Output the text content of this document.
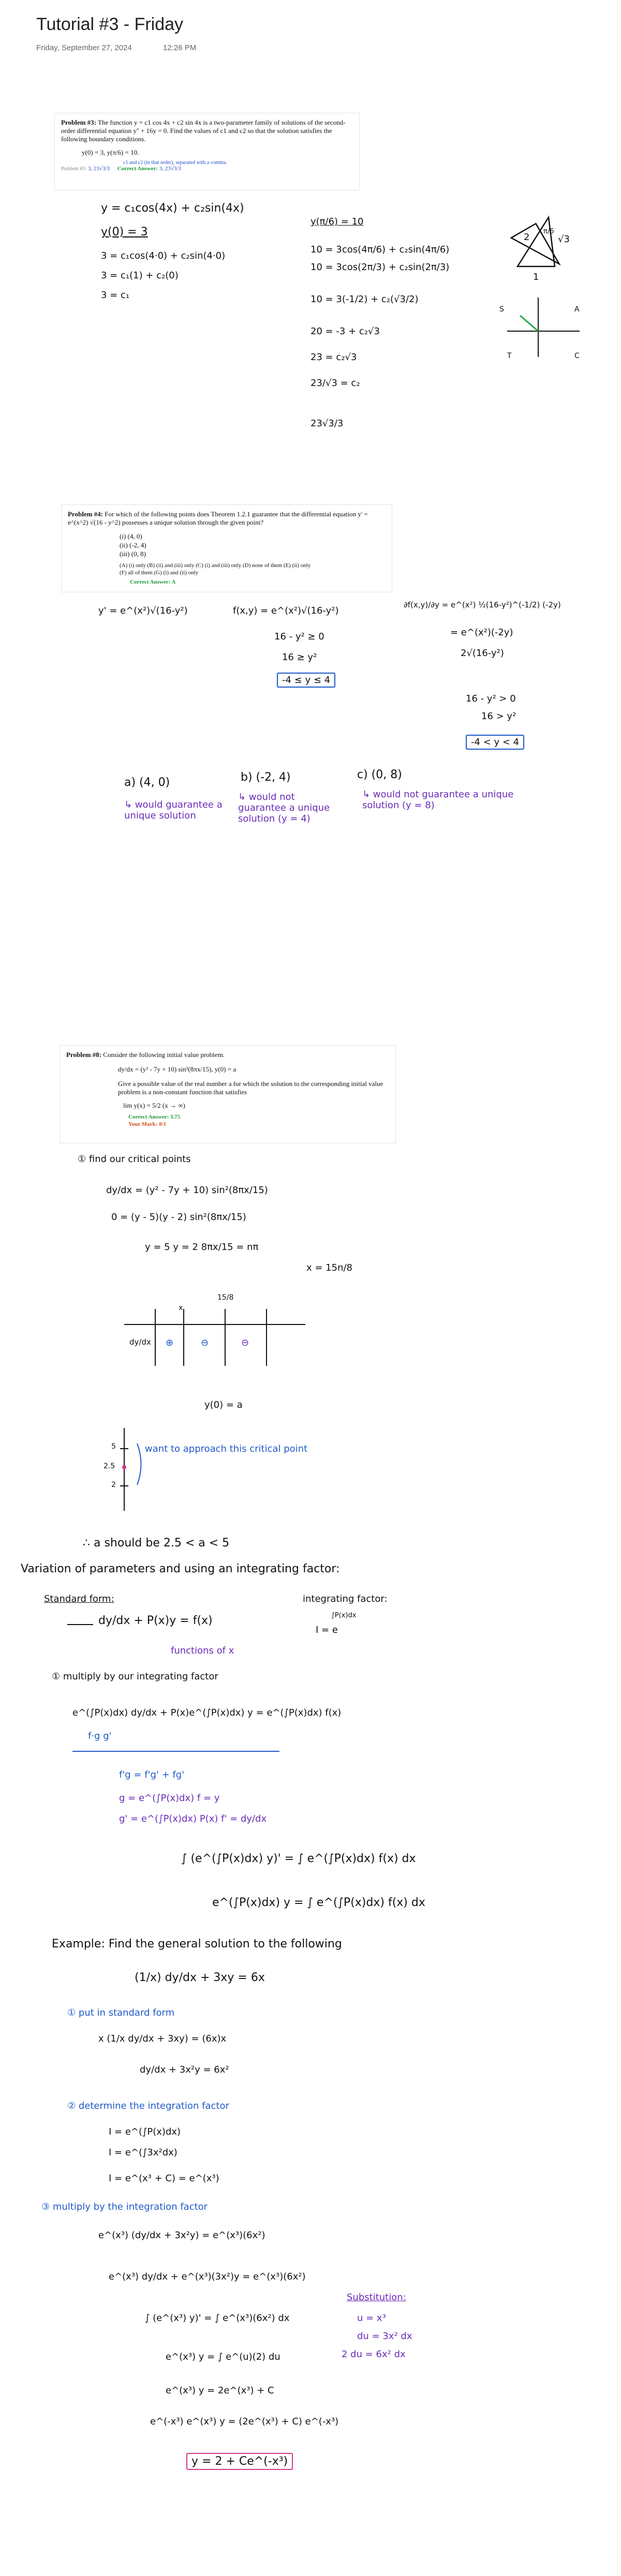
Tutorial #3 - Friday
Friday, September 27, 2024	12:26 PM
Problem #3: The function y = c1 cos 4x + c2 sin 4x is a two-parameter family of solutions of the second-order differential equation y'' + 16y = 0. Find the values of c1 and c2 so that the solution satisfies the following boundary conditions.
y(0) = 3, y(π/6) = 10.
c1 and c2 (in that order), separated with a comma.
Problem #3: 3, 23√3/3 Correct Answer: 3, 23√3/3
y = c₁cos(4x) + c₂sin(4x)
y(0) = 3
3 = c₁cos(4·0) + c₂sin(4·0)
3 = c₁(1) + c₂(0)
3 = c₁
y(π/6) = 10
10 = 3cos(4π/6) + c₂sin(4π/6)
10 = 3cos(2π/3) + c₂sin(2π/3)
10 = 3(-1/2) + c₂(√3/2)
20 = -3 + c₂√3
23 = c₂√3
23/√3 = c₂
23√3/3
2	√3
1
π/6
S	A
T	C
Problem #4: For which of the following points does Theorem 1.2.1 guarantee that the differential equation y' = e^(x^2) √(16 - y^2) possesses a unique solution through the given point?
(i) (4, 0)
(ii) (-2, 4)
(iii) (0, 8)
(A) (i) only (B) (ii) and (iii) only (C) (i) and (iii) only (D) none of them (E) (ii) only
(F) all of them (G) (i) and (ii) only
Correct Answer: A
y' = e^(x²)√(16-y²)	f(x,y) = e^(x²)√(16-y²)
16 - y² ≥ 0
16 ≥ y²
-4 ≤ y ≤ 4
∂f(x,y)/∂y = e^(x²) ½(16-y²)^(-1/2) (-2y)
= e^(x²)(-2y)
2√(16-y²)
16 - y² > 0
16 > y²
-4 < y < 4
a) (4, 0)
↳ would guarantee a unique solution
b) (-2, 4)
↳ would not guarantee a unique solution (y = 4)
c) (0, 8)
↳ would not guarantee a unique solution (y = 8)
Problem #8: Consider the following initial value problem.
dy/dx = (y² - 7y + 10) sin²(8πx/15), y(0) = a
Give a possible value of the real number a for which the solution to the corresponding initial value problem is a non-constant function that satisfies
lim y(x) = 5/2 (x → ∞)
Correct Answer: 3.75
Your Mark: 0/1
① find our critical points
dy/dx = (y² - 7y + 10) sin²(8πx/15)
0 = (y - 5)(y - 2) sin²(8πx/15)
y = 5 y = 2 8πx/15 = nπ
x = 15n/8
x
15/8
dy/dx ⊕	⊖	⊖
y(0) = a
5
2.5
2
want to approach this critical point
∴ a should be 2.5 < a < 5
Variation of parameters and using an integrating factor:
Standard form:
dy/dx + P(x)y = f(x)
functions of x
integrating factor:
∫P(x)dx
I = e
① multiply by our integrating factor
e^(∫P(x)dx) dy/dx + P(x)e^(∫P(x)dx) y = e^(∫P(x)dx) f(x)
f·g g'
f'g = f'g' + fg'
g = e^(∫P(x)dx) f = y
g' = e^(∫P(x)dx) P(x) f' = dy/dx
∫ (e^(∫P(x)dx) y)' = ∫ e^(∫P(x)dx) f(x) dx
e^(∫P(x)dx) y = ∫ e^(∫P(x)dx) f(x) dx
Example: Find the general solution to the following
(1/x) dy/dx + 3xy = 6x
① put in standard form
x (1/x dy/dx + 3xy) = (6x)x
dy/dx + 3x²y = 6x²
② determine the integration factor
I = e^(∫P(x)dx)
I = e^(∫3x²dx)
I = e^(x³ + C) = e^(x³)
③ multiply by the integration factor
e^(x³) (dy/dx + 3x²y) = e^(x³)(6x²)
e^(x³) dy/dx + e^(x³)(3x²)y = e^(x³)(6x²)
∫ (e^(x³) y)' = ∫ e^(x³)(6x²) dx
e^(x³) y = ∫ e^(u)(2) du
e^(x³) y = 2e^(x³) + C
e^(-x³) e^(x³) y = (2e^(x³) + C) e^(-x³)
y = 2 + Ce^(-x³)
Substitution:
u = x³
du = 3x² dx
2 du = 6x² dx
